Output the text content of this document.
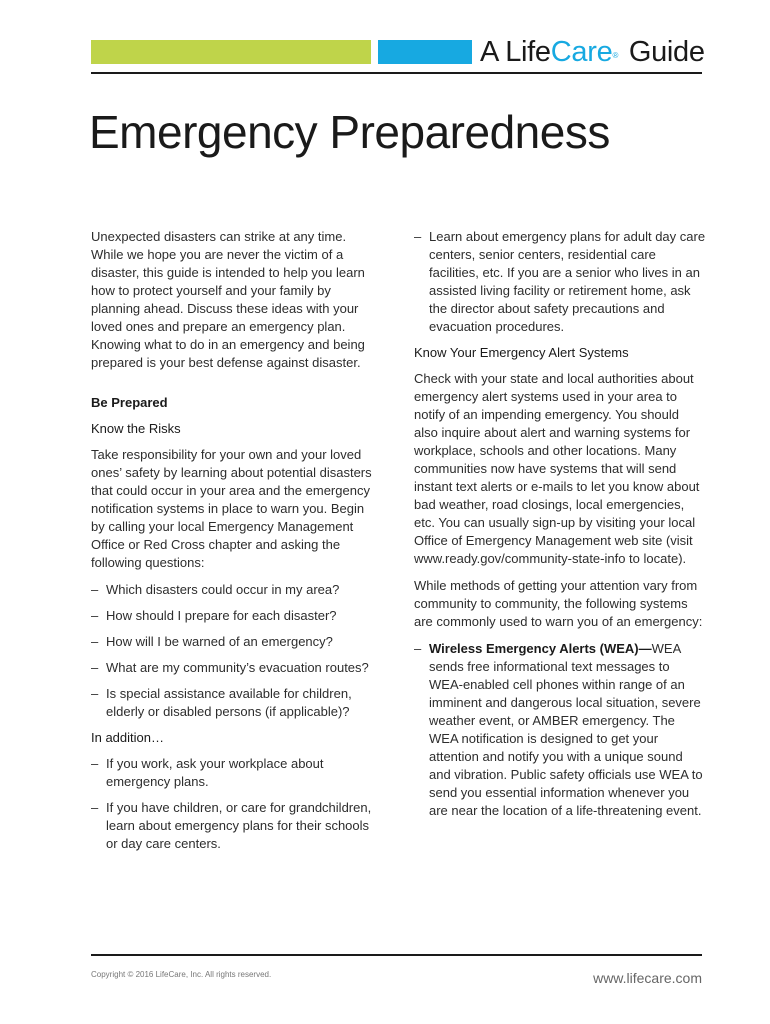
A LifeCare® Guide
Emergency Preparedness

Unexpected disasters can strike at any time. While we hope you are never the victim of a disaster, this guide is intended to help you learn how to protect yourself and your family by planning ahead. Discuss these ideas with your loved ones and prepare an emergency plan. Knowing what to do in an emergency and being prepared is your best defense against disaster.

Be Prepared

Know the Risks

Take responsibility for your own and your loved ones’ safety by learning about potential disasters that could occur in your area and the emergency notification systems in place to warn you. Begin by calling your local Emergency Management Office or Red Cross chapter and asking the following questions:

– Which disasters could occur in my area?
– How should I prepare for each disaster?
– How will I be warned of an emergency?
– What are my community’s evacuation routes?
– Is special assistance available for children, elderly or disabled persons (if applicable)?

In addition…

– If you work, ask your workplace about emergency plans.
– If you have children, or care for grandchildren, learn about emergency plans for their schools or day care centers.
– Learn about emergency plans for adult day care centers, senior centers, residential care facilities, etc. If you are a senior who lives in an assisted living facility or retirement home, ask the director about safety precautions and evacuation procedures.

Know Your Emergency Alert Systems

Check with your state and local authorities about emergency alert systems used in your area to notify of an impending emergency. You should also inquire about alert and warning systems for workplace, schools and other locations. Many communities now have systems that will send instant text alerts or e-mails to let you know about bad weather, road closings, local emergencies, etc. You can usually sign-up by visiting your local Office of Emergency Management web site (visit www.ready.gov/community-state-info to locate).

While methods of getting your attention vary from community to community, the following systems are commonly used to warn you of an emergency:

– Wireless Emergency Alerts (WEA)—WEA sends free informational text messages to WEA-enabled cell phones within range of an imminent and dangerous local situation, severe weather event, or AMBER emergency. The WEA notification is designed to get your attention and notify you with a unique sound and vibration. Public safety officials use WEA to send you essential information whenever you are near the location of a life-threatening event.
Copyright © 2016 LifeCare, Inc. All rights reserved.	www.lifecare.com
